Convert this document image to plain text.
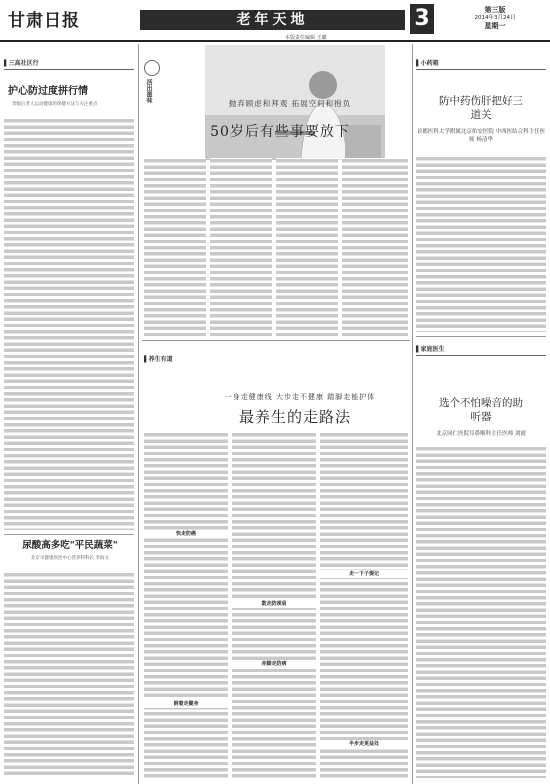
甘肃日报	老年天地
本版责任编辑 王璐
3	第三版
2014年3月24日
星期一
▌三高社区行
护心防过度拼行情
晋级后老人运动健康的保健方法与关注重点
尿酸高多吃"平民蔬菜"
北京市健康疾控中心营养科科长 李海文
活出滋味
抛弃顾虑和拜观 拓展空间和抱负
50岁后有些事要放下
▌养生有道
一身走健康线 大步走不健康 踏脚走能护体
最养生的走路法
快走防癌
倒着走健身
散走防颈肩
赤脚走防病
走一下子提记
半步走更益处
▌小药箱
防中药伤肝把好三道关
首都医科大学附属北京佑安医院 中西医结合科主任医师 杨清华
▌家庭医生
选个不怕噪音的助听器
北京同仁医院耳鼻喉科主任医师 刘霞
